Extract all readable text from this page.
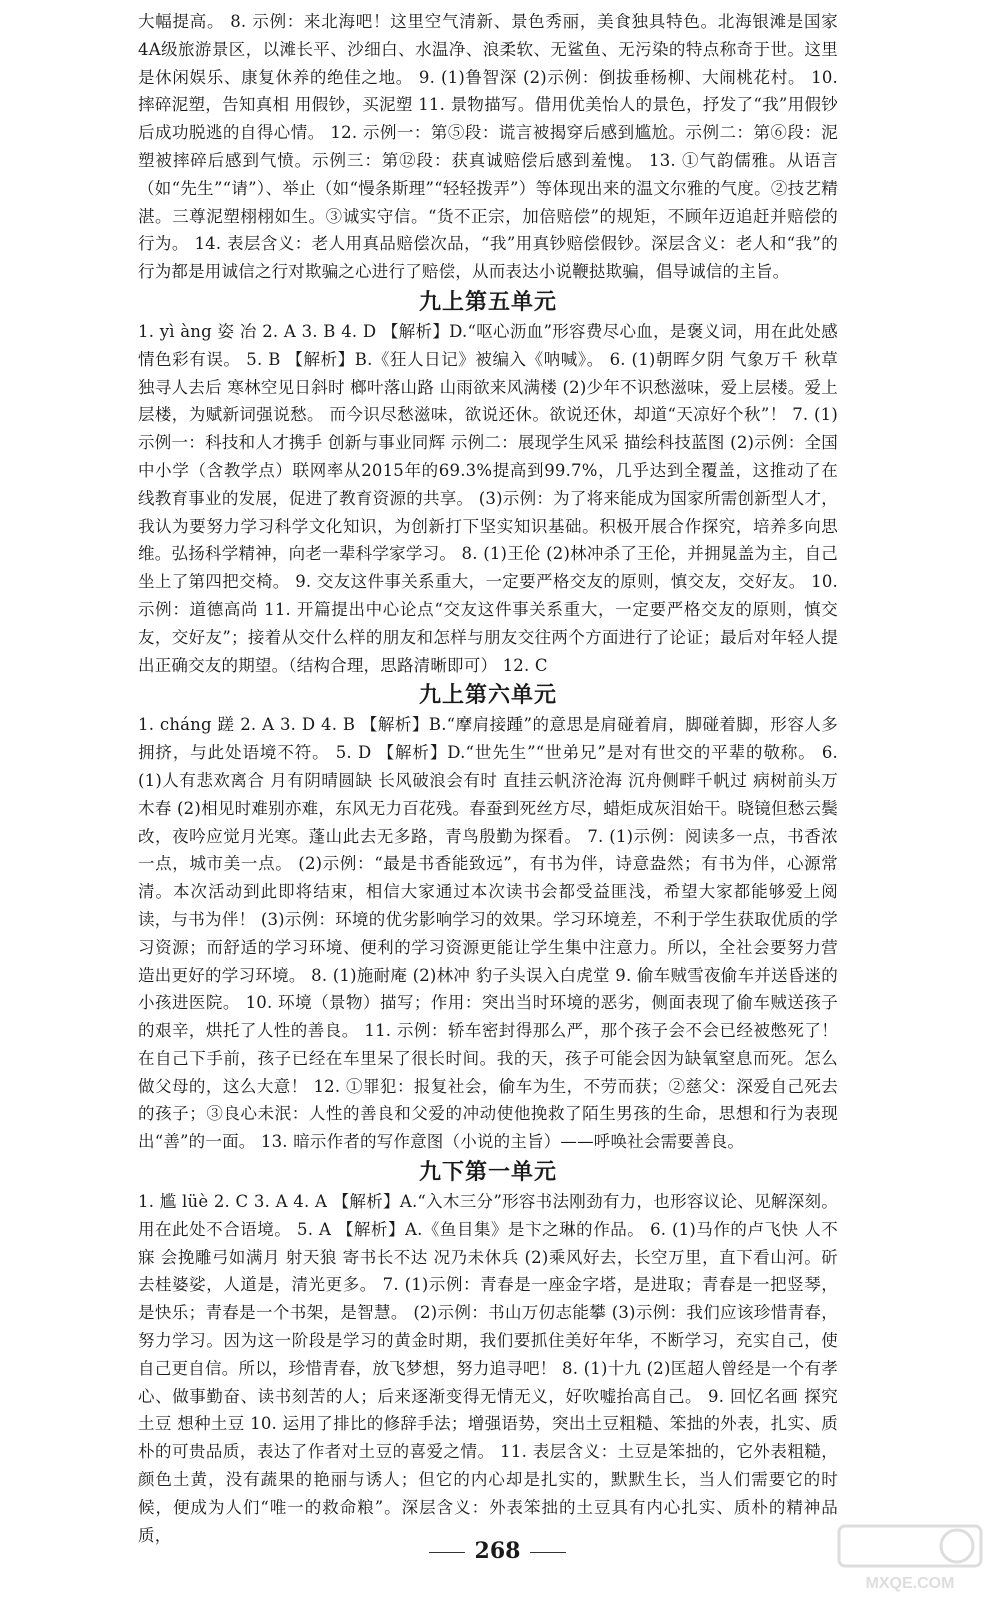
大幅提高。 8. 示例：来北海吧！这里空气清新、景色秀丽，美食独具特色。北海银滩是国家4A级旅游景区，以滩长平、沙细白、水温净、浪柔软、无鲨鱼、无污染的特点称奇于世。这里是休闲娱乐、康复休养的绝佳之地。 9. (1)鲁智深 (2)示例：倒拔垂杨柳、大闹桃花村。 10. 摔碎泥塑，告知真相 用假钞，买泥塑 11. 景物描写。借用优美怡人的景色，抒发了“我”用假钞后成功脱逃的自得心情。 12. 示例一：第⑤段：谎言被揭穿后感到尴尬。示例二：第⑥段：泥塑被摔碎后感到气愤。示例三：第⑫段：获真诚赔偿后感到羞愧。 13. ①气韵儒雅。从语言（如“先生”“请”）、举止（如“慢条斯理”“轻轻拨弄”）等体现出来的温文尔雅的气度。②技艺精湛。三尊泥塑栩栩如生。③诚实守信。“货不正宗，加倍赔偿”的规矩，不顾年迈追赶并赔偿的行为。 14. 表层含义：老人用真品赔偿次品，“我”用真钞赔偿假钞。深层含义：老人和“我”的行为都是用诚信之行对欺骗之心进行了赔偿，从而表达小说鞭挞欺骗，倡导诚信的主旨。

九上第五单元

1. yì àng 姿 冶 2. A 3. B 4. D 【解析】D.“呕心沥血”形容费尽心血，是褒义词，用在此处感情色彩有误。 5. B 【解析】B.《狂人日记》被编入《呐喊》。 6. (1)朝晖夕阴 气象万千 秋草独寻人去后 寒林空见日斜时 榔叶落山路 山雨欲来风满楼 (2)少年不识愁滋味，爱上层楼。爱上层楼，为赋新词强说愁。 而今识尽愁滋味，欲说还休。欲说还休，却道“天凉好个秋”！ 7. (1)示例一：科技和人才携手 创新与事业同辉 示例二：展现学生风采 描绘科技蓝图 (2)示例：全国中小学（含教学点）联网率从2015年的69.3%提高到99.7%，几乎达到全覆盖，这推动了在线教育事业的发展，促进了教育资源的共享。 (3)示例：为了将来能成为国家所需创新型人才，我认为要努力学习科学文化知识，为创新打下坚实知识基础。积极开展合作探究，培养多向思维。弘扬科学精神，向老一辈科学家学习。 8. (1)王伦 (2)林冲杀了王伦，并拥晁盖为主，自己坐上了第四把交椅。 9. 交友这件事关系重大，一定要严格交友的原则，慎交友，交好友。 10. 示例：道德高尚 11. 开篇提出中心论点“交友这件事关系重大，一定要严格交友的原则，慎交友，交好友”；接着从交什么样的朋友和怎样与朋友交往两个方面进行了论证；最后对年轻人提出正确交友的期望。（结构合理，思路清晰即可） 12. C

九上第六单元

1. cháng 蹉 2. A 3. D 4. B 【解析】B.“摩肩接踵”的意思是肩碰着肩，脚碰着脚，形容人多拥挤，与此处语境不符。 5. D 【解析】D.“世先生”“世弟兄”是对有世交的平辈的敬称。 6. (1)人有悲欢离合 月有阴晴圆缺 长风破浪会有时 直挂云帆济沧海 沉舟侧畔千帆过 病树前头万木春 (2)相见时难别亦难，东风无力百花残。春蚕到死丝方尽，蜡炬成灰泪始干。晓镜但愁云鬓改，夜吟应觉月光寒。蓬山此去无多路，青鸟殷勤为探看。 7. (1)示例：阅读多一点，书香浓一点，城市美一点。 (2)示例：“最是书香能致远”，有书为伴，诗意盎然；有书为伴，心源常清。本次活动到此即将结束，相信大家通过本次读书会都受益匪浅，希望大家都能够爱上阅读，与书为伴！ (3)示例：环境的优劣影响学习的效果。学习环境差，不利于学生获取优质的学习资源；而舒适的学习环境、便利的学习资源更能让学生集中注意力。所以，全社会要努力营造出更好的学习环境。 8. (1)施耐庵 (2)林冲 豹子头误入白虎堂 9. 偷车贼雪夜偷车并送昏迷的小孩进医院。 10. 环境（景物）描写；作用：突出当时环境的恶劣，侧面表现了偷车贼送孩子的艰辛，烘托了人性的善良。 11. 示例：轿车密封得那么严，那个孩子会不会已经被憋死了！在自己下手前，孩子已经在车里呆了很长时间。我的天，孩子可能会因为缺氧窒息而死。怎么做父母的，这么大意！ 12. ①罪犯：报复社会，偷车为生，不劳而获；②慈父：深爱自己死去的孩子；③良心未泯：人性的善良和父爱的冲动使他挽救了陌生男孩的生命，思想和行为表现出“善”的一面。 13. 暗示作者的写作意图（小说的主旨）——呼唤社会需要善良。

九下第一单元

1. 尴 lüè 2. C 3. A 4. A 【解析】A.“入木三分”形容书法刚劲有力，也形容议论、见解深刻。用在此处不合语境。 5. A 【解析】A.《鱼目集》是卞之琳的作品。 6. (1)马作的卢飞快 人不寐 会挽雕弓如满月 射天狼 寄书长不达 况乃未休兵 (2)乘风好去，长空万里，直下看山河。斫去桂婆娑，人道是，清光更多。 7. (1)示例：青春是一座金字塔，是进取；青春是一把竖琴，是快乐；青春是一个书架，是智慧。 (2)示例：书山万仞志能攀 (3)示例：我们应该珍惜青春，努力学习。因为这一阶段是学习的黄金时期，我们要抓住美好年华，不断学习，充实自己，使自己更自信。所以，珍惜青春，放飞梦想，努力追寻吧！ 8. (1)十九 (2)匡超人曾经是一个有孝心、做事勤奋、读书刻苦的人；后来逐渐变得无情无义，好吹嘘抬高自己。 9. 回忆名画 探究土豆 想种土豆 10. 运用了排比的修辞手法；增强语势，突出土豆粗糙、笨拙的外表，扎实、质朴的可贵品质，表达了作者对土豆的喜爱之情。 11. 表层含义：土豆是笨拙的，它外表粗糙，颜色土黄，没有蔬果的艳丽与诱人；但它的内心却是扎实的，默默生长，当人们需要它的时候，便成为人们“唯一的救命粮”。深层含义：外表笨拙的土豆具有内心扎实、质朴的精神品质，

268
MXQE.COM
